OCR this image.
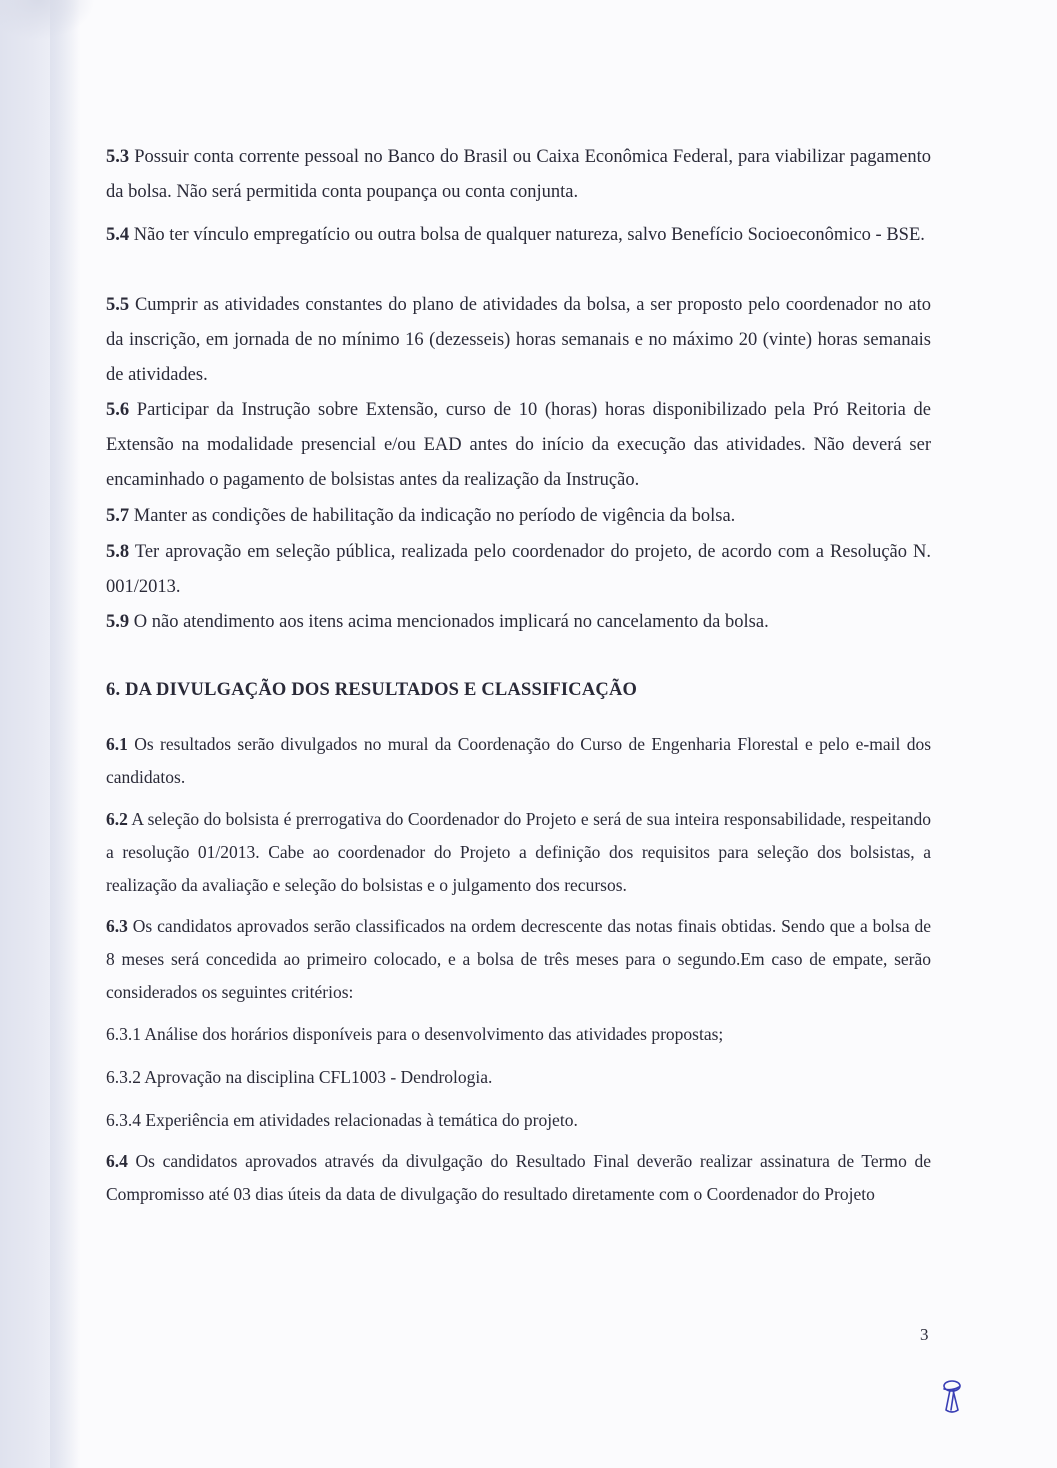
5.3 Possuir conta corrente pessoal no Banco do Brasil ou Caixa Econômica Federal, para viabilizar pagamento da bolsa. Não será permitida conta poupança ou conta conjunta.

5.4 Não ter vínculo empregatício ou outra bolsa de qualquer natureza, salvo Benefício Socioeconômico - BSE.

5.5 Cumprir as atividades constantes do plano de atividades da bolsa, a ser proposto pelo coordenador no ato da inscrição, em jornada de no mínimo 16 (dezesseis) horas semanais e no máximo 20 (vinte) horas semanais de atividades.

5.6 Participar da Instrução sobre Extensão, curso de 10 (horas) horas disponibilizado pela Pró Reitoria de Extensão na modalidade presencial e/ou EAD antes do início da execução das atividades. Não deverá ser encaminhado o pagamento de bolsistas antes da realização da Instrução.

5.7 Manter as condições de habilitação da indicação no período de vigência da bolsa.

5.8 Ter aprovação em seleção pública, realizada pelo coordenador do projeto, de acordo com a Resolução N. 001/2013.

5.9 O não atendimento aos itens acima mencionados implicará no cancelamento da bolsa.

6. DA DIVULGAÇÃO DOS RESULTADOS E CLASSIFICAÇÃO

6.1 Os resultados serão divulgados no mural da Coordenação do Curso de Engenharia Florestal e pelo e-mail dos candidatos.

6.2 A seleção do bolsista é prerrogativa do Coordenador do Projeto e será de sua inteira responsabilidade, respeitando a resolução 01/2013. Cabe ao coordenador do Projeto a definição dos requisitos para seleção dos bolsistas, a realização da avaliação e seleção do bolsistas e o julgamento dos recursos.

6.3 Os candidatos aprovados serão classificados na ordem decrescente das notas finais obtidas. Sendo que a bolsa de 8 meses será concedida ao primeiro colocado, e a bolsa de três meses para o segundo.Em caso de empate, serão considerados os seguintes critérios:

6.3.1 Análise dos horários disponíveis para o desenvolvimento das atividades propostas;

6.3.2 Aprovação na disciplina CFL1003 - Dendrologia.

6.3.4 Experiência em atividades relacionadas à temática do projeto.

6.4 Os candidatos aprovados através da divulgação do Resultado Final deverão realizar assinatura de Termo de Compromisso até 03 dias úteis da data de divulgação do resultado diretamente com o Coordenador do Projeto

3
